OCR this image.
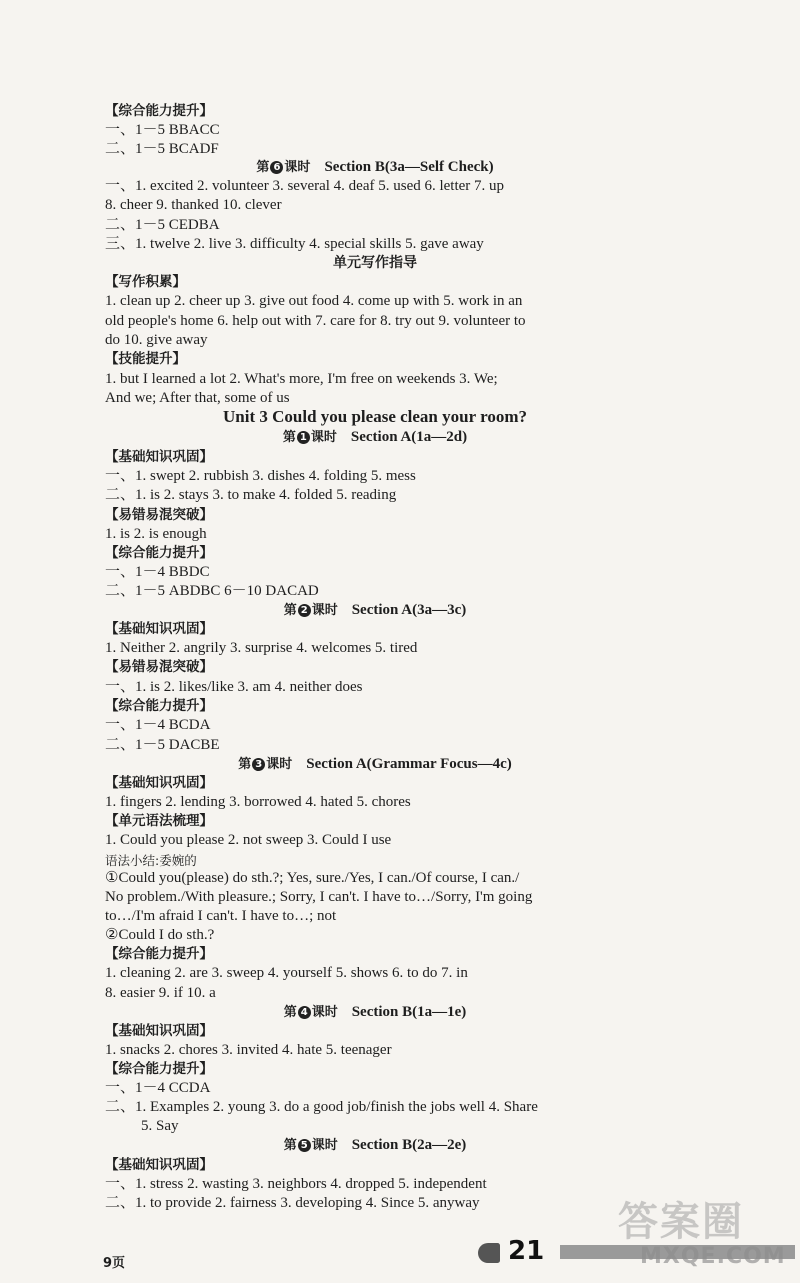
【综合能力提升】
一、1－5 BBACC
二、1－5 BCADF
第 6 课时 Section B(3a—Self Check)
一、1. excited 2. volunteer 3. several 4. deaf 5. used 6. letter 7. up
8. cheer 9. thanked 10. clever
二、1－5 CEDBA
三、1. twelve 2. live 3. difficulty 4. special skills 5. gave away
单元写作指导
【写作积累】
1. clean up 2. cheer up 3. give out food 4. come up with 5. work in an
old people's home 6. help out with 7. care for 8. try out 9. volunteer to
do 10. give away
【技能提升】
1. but I learned a lot 2. What's more, I'm free on weekends 3. We;
And we; After that, some of us
Unit 3 Could you please clean your room?
第 1 课时 Section A(1a—2d)
【基础知识巩固】
一、1. swept 2. rubbish 3. dishes 4. folding 5. mess
二、1. is 2. stays 3. to make 4. folded 5. reading
【易错易混突破】
1. is 2. is enough
【综合能力提升】
一、1－4 BBDC
二、1－5 ABDBC 6－10 DACAD
第 2 课时 Section A(3a—3c)
【基础知识巩固】
1. Neither 2. angrily 3. surprise 4. welcomes 5. tired
【易错易混突破】
一、1. is 2. likes/like 3. am 4. neither does
【综合能力提升】
一、1－4 BCDA
二、1－5 DACBE
第 3 课时 Section A(Grammar Focus—4c)
【基础知识巩固】
1. fingers 2. lending 3. borrowed 4. hated 5. chores
【单元语法梳理】
1. Could you please 2. not sweep 3. Could I use
语法小结:委婉的
①Could you(please) do sth.?; Yes, sure./Yes, I can./Of course, I can./
No problem./With pleasure.; Sorry, I can't. I have to…/Sorry, I'm going
to…/I'm afraid I can't. I have to…; not
②Could I do sth.?
【综合能力提升】
1. cleaning 2. are 3. sweep 4. yourself 5. shows 6. to do 7. in
8. easier 9. if 10. a
第 4 课时 Section B(1a—1e)
【基础知识巩固】
1. snacks 2. chores 3. invited 4. hate 5. teenager
【综合能力提升】
一、1－4 CCDA
二、1. Examples 2. young 3. do a good job/finish the jobs well 4. Share
5. Say
第 5 课时 Section B(2a—2e)
【基础知识巩固】
一、1. stress 2. wasting 3. neighbors 4. dropped 5. independent
二、1. to provide 2. fairness 3. developing 4. Since 5. anyway
9页	21
答案圈
MXQE.COM
